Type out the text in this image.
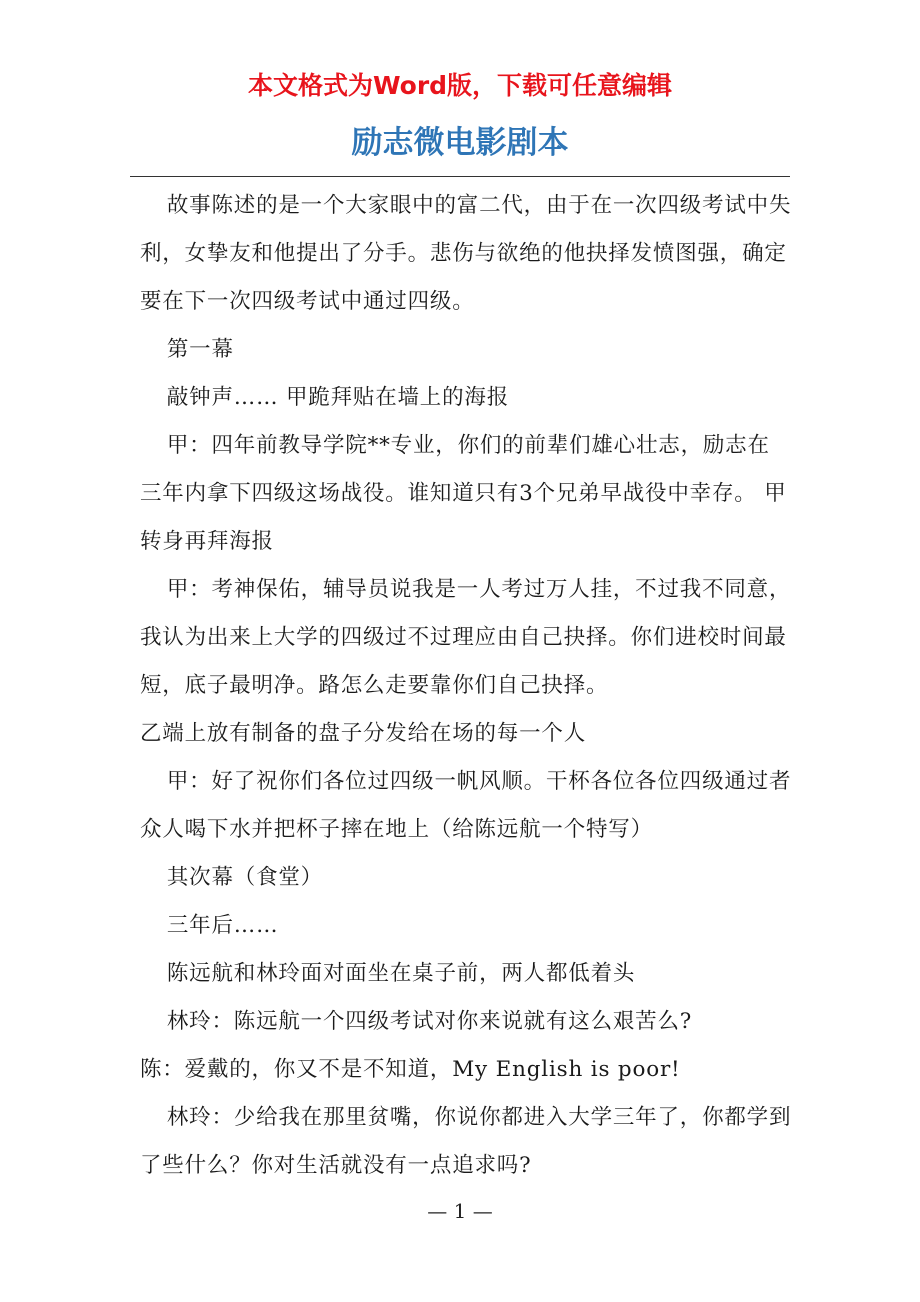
本文格式为Word版，下载可任意编辑
励志微电影剧本

故事陈述的是一个大家眼中的富二代，由于在一次四级考试中失利，女挚友和他提出了分手。悲伤与欲绝的他抉择发愤图强，确定要在下一次四级考试中通过四级。

第一幕

敲钟声…… 甲跪拜贴在墙上的海报

甲：四年前教导学院**专业，你们的前辈们雄心壮志，励志在三年内拿下四级这场战役。谁知道只有3个兄弟早战役中幸存。 甲转身再拜海报

甲：考神保佑，辅导员说我是一人考过万人挂，不过我不同意，我认为出来上大学的四级过不过理应由自己抉择。你们进校时间最短，底子最明净。路怎么走要靠你们自己抉择。

乙端上放有制备的盘子分发给在场的每一个人

甲：好了祝你们各位过四级一帆风顺。干杯各位各位四级通过者 众人喝下水并把杯子摔在地上（给陈远航一个特写）

其次幕（食堂）

三年后……

陈远航和林玲面对面坐在桌子前，两人都低着头

林玲：陈远航一个四级考试对你来说就有这么艰苦么?

陈：爱戴的，你又不是不知道，My English is poor!

林玲：少给我在那里贫嘴，你说你都进入大学三年了，你都学到了些什么？你对生活就没有一点追求吗?

— 1 —
